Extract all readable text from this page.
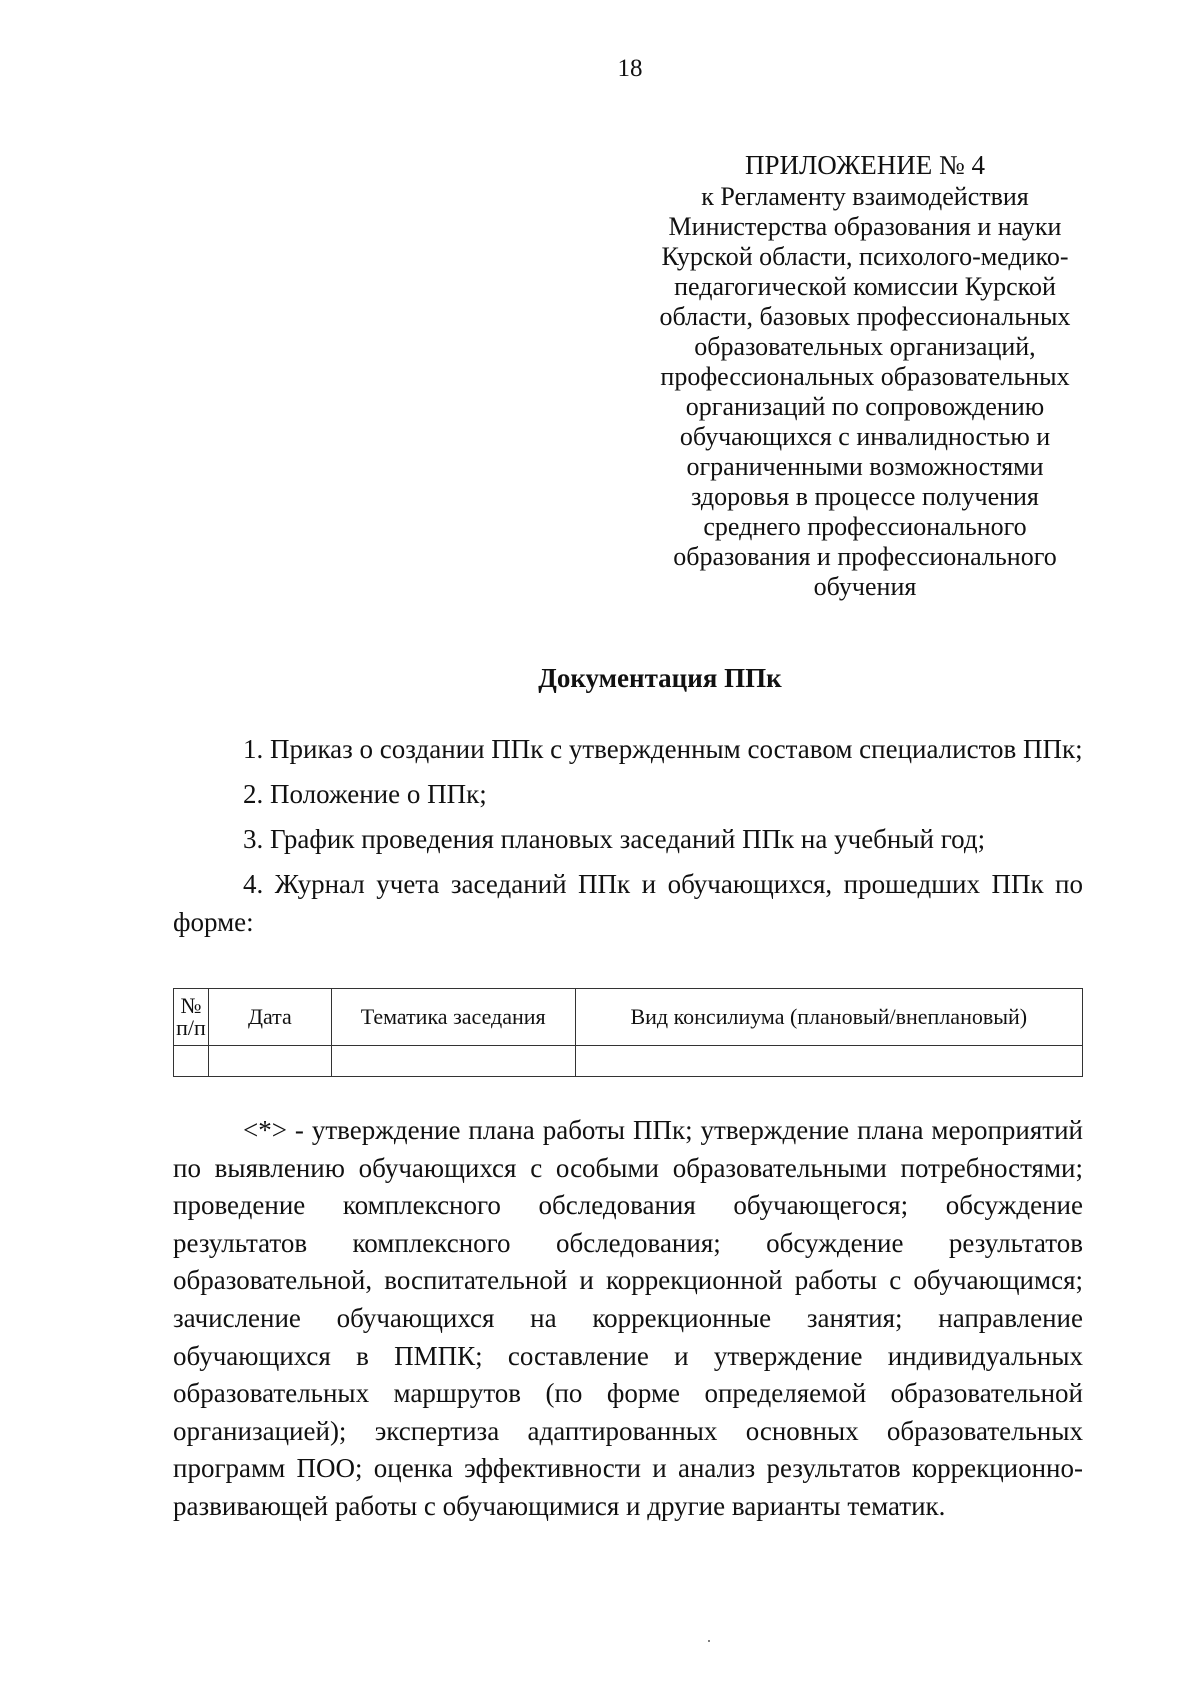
18
ПРИЛОЖЕНИЕ № 4
к Регламенту взаимодействия
Министерства образования и науки
Курской области, психолого-медико-
педагогической комиссии Курской
области, базовых профессиональных
образовательных организаций,
профессиональных образовательных
организаций по сопровождению
обучающихся с инвалидностью и
ограниченными возможностями
здоровья в процессе получения
среднего профессионального
образования и профессионального
обучения
Документация ППк

1. Приказ о создании ППк с утвержденным составом специалистов ППк;

2. Положение о ППк;

3. График проведения плановых заседаний ППк на учебный год;

4. Журнал учета заседаний ППк и обучающихся, прошедших ППк по форме:

№
п/п	Дата	Тематика заседания	Вид консилиума (плановый/внеплановый)

<*> - утверждение плана работы ППк; утверждение плана мероприятий по выявлению обучающихся с особыми образовательными потребностями; проведение комплексного обследования обучающегося; обсуждение результатов комплексного обследования; обсуждение результатов образовательной, воспитательной и коррекционной работы с обучающимся; зачисление обучающихся на коррекционные занятия; направление обучающихся в ПМПК; составление и утверждение индивидуальных образовательных маршрутов (по форме определяемой образовательной организацией); экспертиза адаптированных основных образовательных программ ПОО; оценка эффективности и анализ результатов коррекционно-развивающей работы с обучающимися и другие варианты тематик.
